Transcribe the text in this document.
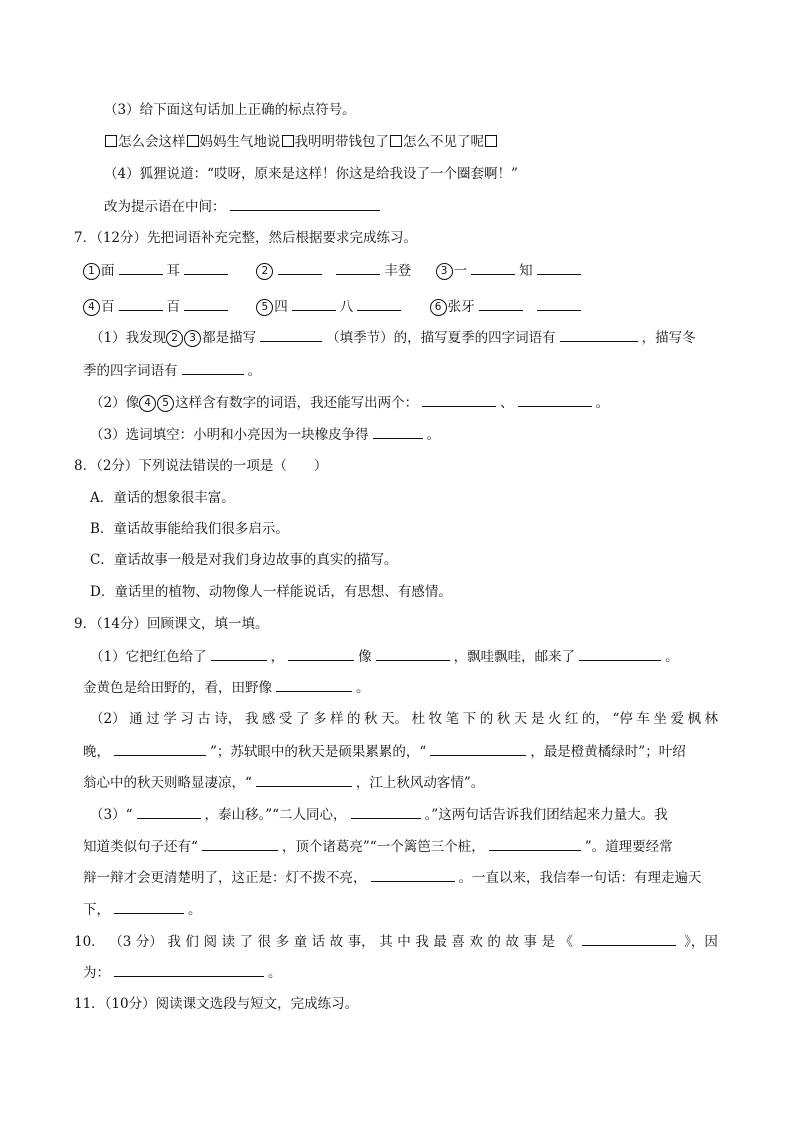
（3）给下面这句话加上正确的标点符号。
怎么会这样 妈妈生气地说 我明明带钱包了 怎么不见了呢
（4）狐狸说道：“哎呀，原来是这样！你这是给我设了一个圈套啊！”
改为提示语在中间：
7．（12分）先把词语补充完整，然后根据要求完成练习。
1 面	耳	2	丰登	3 一	知
4 百	百	5 四	八	6 张牙
（1）我发现 2 3 都是描写	（填季节）的，描写夏季的四字词语有	，描写冬
季的四字词语有	。
（2）像 4 5 这样含有数字的词语，我还能写出两个：	、	。
（3）选词填空：小明和小亮因为一块橡皮争得	。
8．（2分）下列说法错误的一项是（　　）
A．童话的想象很丰富。
B．童话故事能给我们很多启示。
C．童话故事一般是对我们身边故事的真实的描写。
D．童话里的植物、动物像人一样能说话，有思想、有感情。
9．（14分）回顾课文，填一填。
（1）它把红色给了	，	像	，飘哇飘哇，邮来了	。
金黄色是给田野的，看，田野像	。
（2） 通 过 学 习 古 诗， 我 感 受 了 多 样 的 秋 天。 杜 牧 笔 下 的 秋 天 是 火 红 的， “停 车 坐 爱 枫 林
晚，	”；苏轼眼中的秋天是硕果累累的，“	，最是橙黄橘绿时”；叶绍
翁心中的秋天则略显凄凉，“	，江上秋风动客情”。
（3）“	，泰山移。”“二人同心，	。”这两句话告诉我们团结起来力量大。我
知道类似句子还有“	，顶个诸葛亮”“一个篱笆三个桩，	”。道理要经常
辩一辩才会更清楚明了，这正是：灯不拨不亮，	。一直以来，我信奉一句话：有理走遍天
下，	。
10． （3 分） 我 们 阅 读 了 很 多 童 话 故 事， 其 中 我 最 喜 欢 的 故 事 是 《	》，因
为：	。
11．（10分）阅读课文选段与短文，完成练习。
